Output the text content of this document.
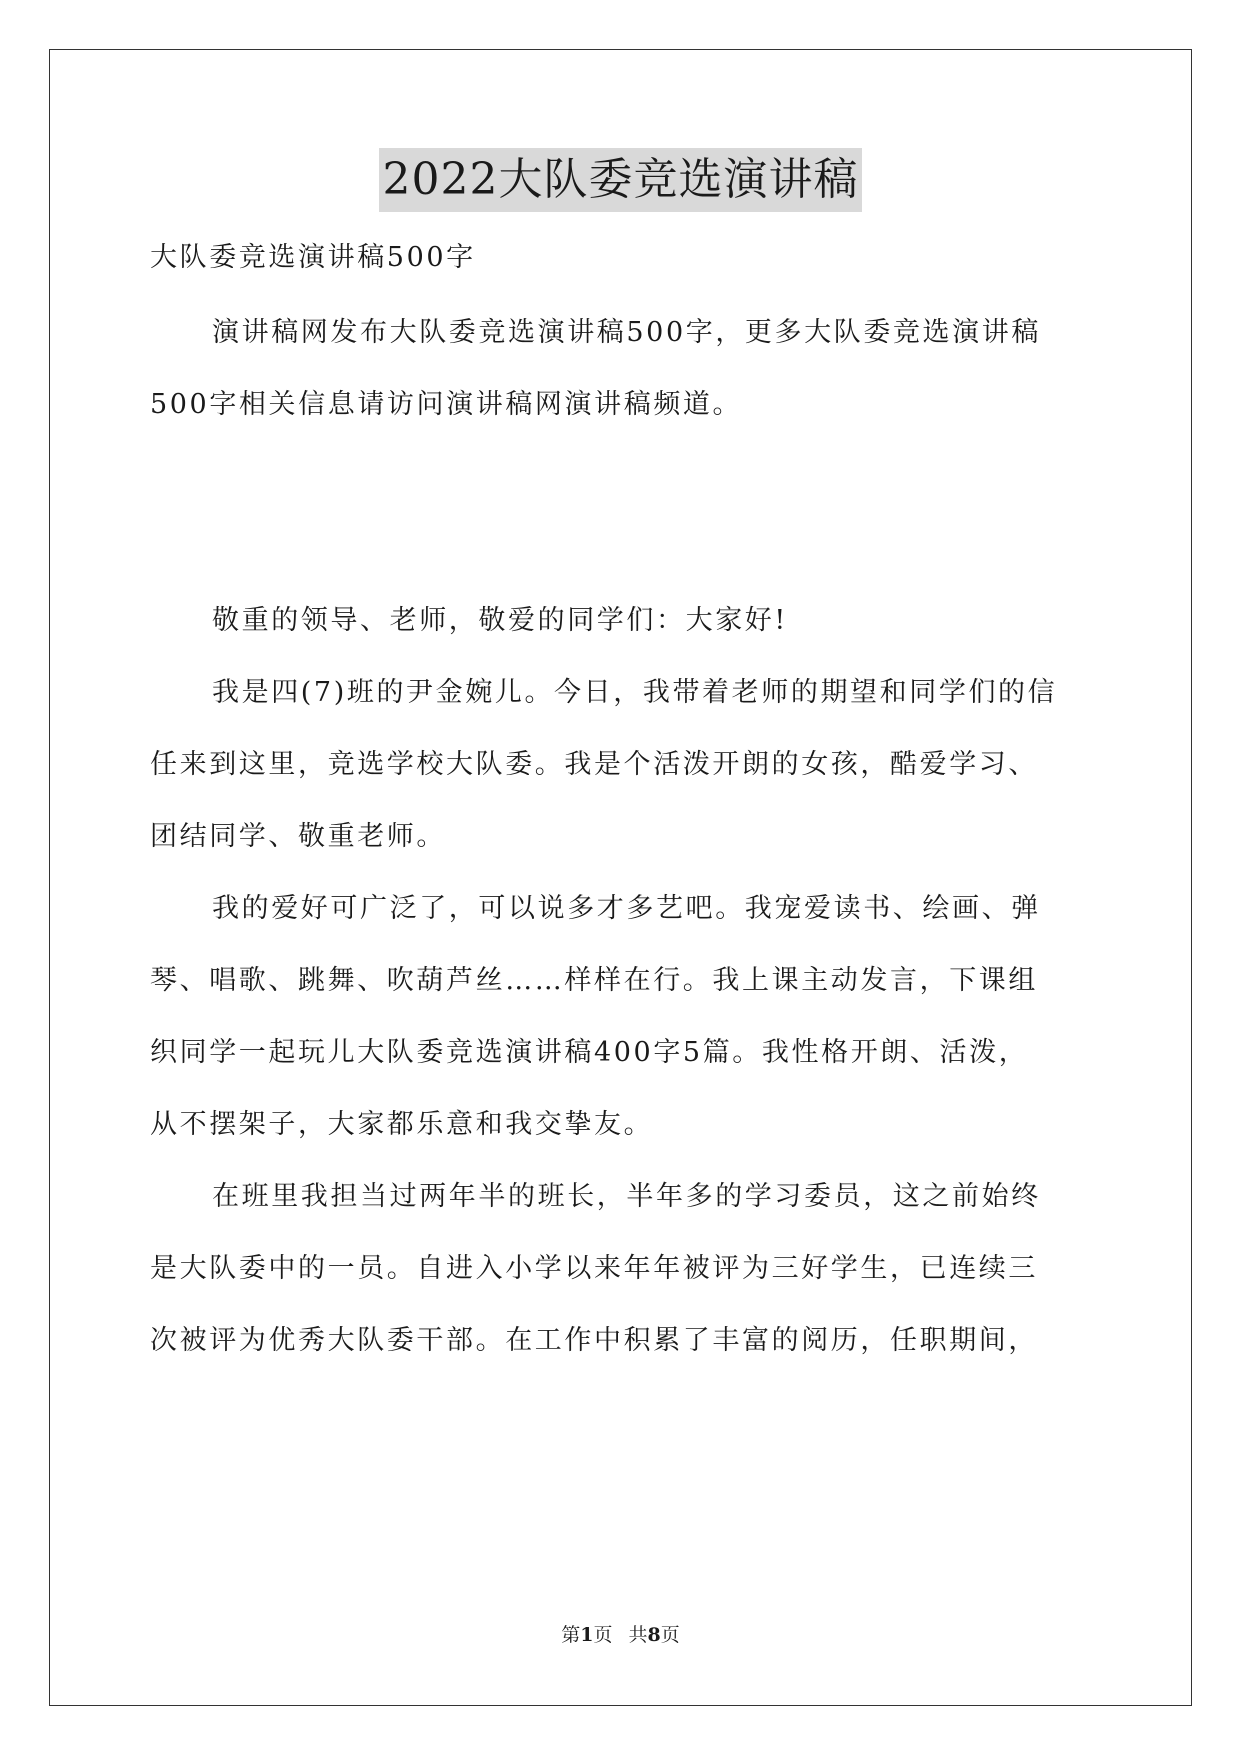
2022大队委竞选演讲稿
大队委竞选演讲稿500字
演讲稿网发布大队委竞选演讲稿500字，更多大队委竞选演讲稿
500字相关信息请访问演讲稿网演讲稿频道。
敬重的领导、老师，敬爱的同学们：大家好!
我是四(7)班的尹金婉儿。今日，我带着老师的期望和同学们的信
任来到这里，竞选学校大队委。我是个活泼开朗的女孩，酷爱学习、
团结同学、敬重老师。
我的爱好可广泛了，可以说多才多艺吧。我宠爱读书、绘画、弹
琴、唱歌、跳舞、吹葫芦丝……样样在行。我上课主动发言，下课组
织同学一起玩儿大队委竞选演讲稿400字5篇。我性格开朗、活泼，
从不摆架子，大家都乐意和我交挚友。
在班里我担当过两年半的班长，半年多的学习委员，这之前始终
是大队委中的一员。自进入小学以来年年被评为三好学生，已连续三
次被评为优秀大队委干部。在工作中积累了丰富的阅历，任职期间，
第1页 共8页
